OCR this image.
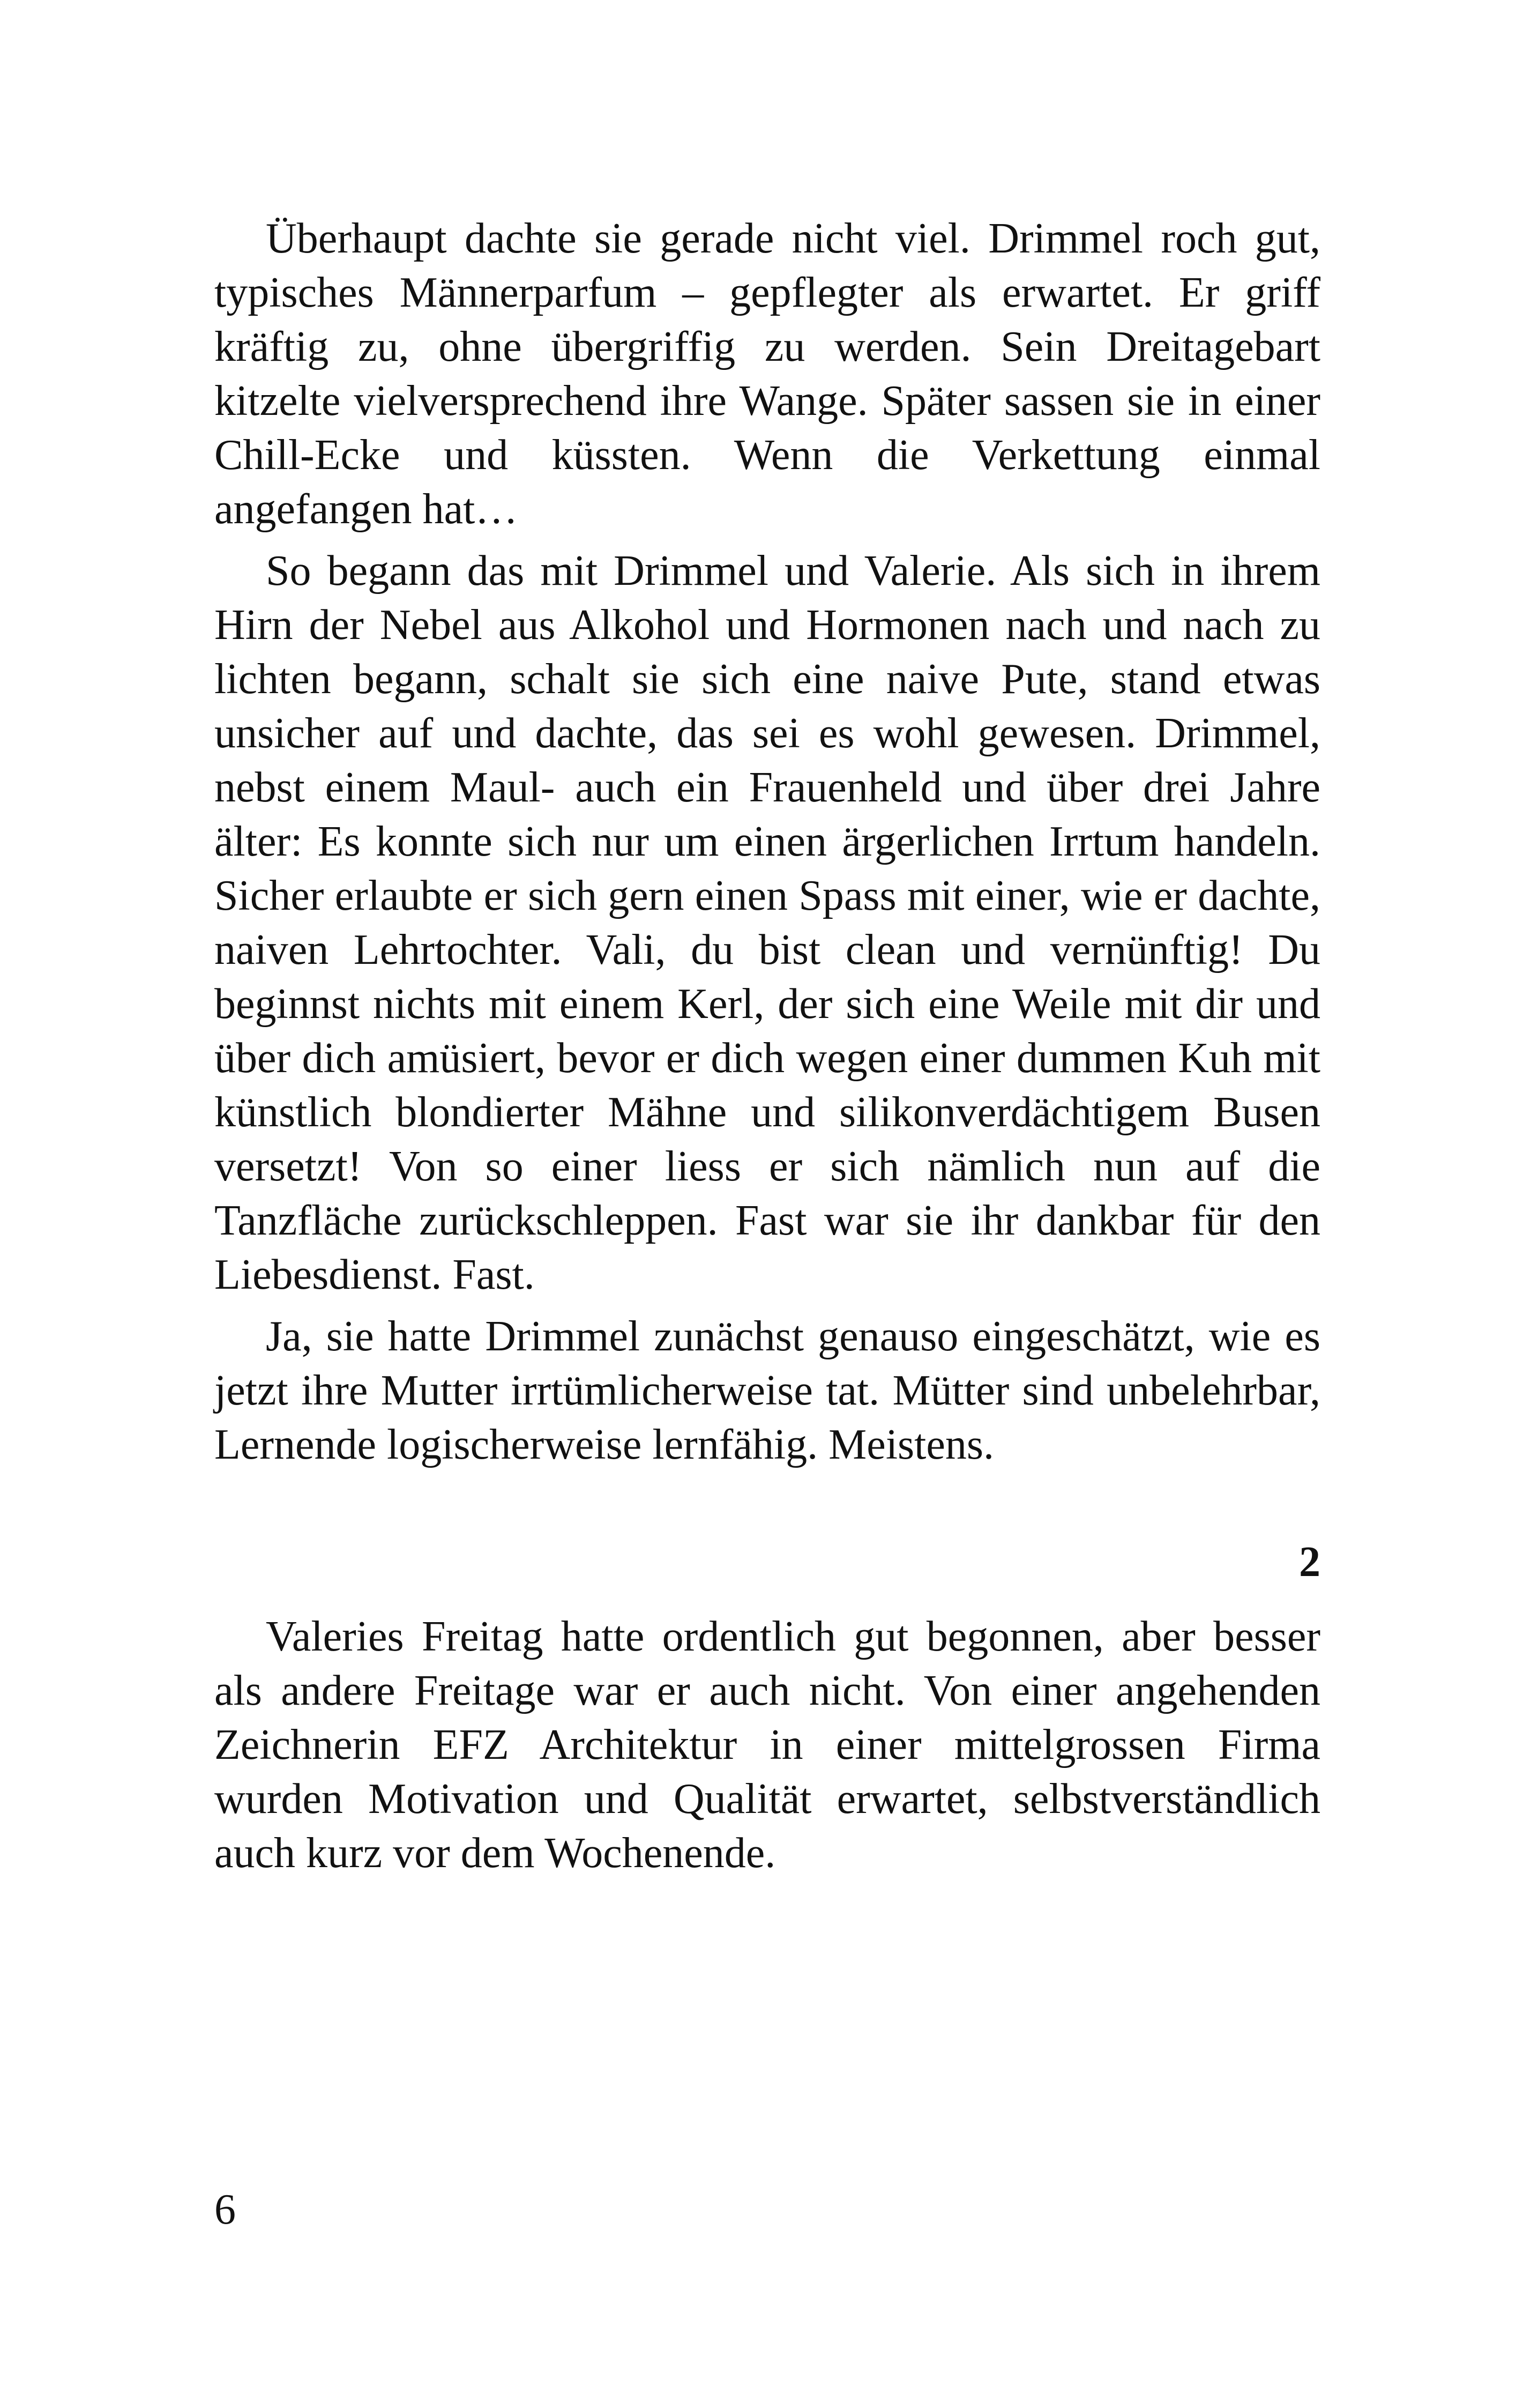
Überhaupt dachte sie gerade nicht viel. Drimmel roch gut, typisches Männerparfum – gepflegter als erwartet. Er griff kräftig zu, ohne übergriffig zu werden. Sein Dreitagebart kitzelte vielversprechend ihre Wange. Später sassen sie in einer Chill-Ecke und küssten. Wenn die Verkettung einmal angefangen hat…

So begann das mit Drimmel und Valerie. Als sich in ihrem Hirn der Nebel aus Alkohol und Hormonen nach und nach zu lichten begann, schalt sie sich eine naive Pute, stand etwas unsicher auf und dachte, das sei es wohl gewesen. Drimmel, nebst einem Maul- auch ein Frauenheld und über drei Jahre älter: Es konnte sich nur um einen ärgerlichen Irrtum handeln. Sicher erlaubte er sich gern einen Spass mit einer, wie er dachte, naiven Lehrtochter. Vali, du bist clean und vernünftig! Du beginnst nichts mit einem Kerl, der sich eine Weile mit dir und über dich amüsiert, bevor er dich wegen einer dummen Kuh mit künstlich blondierter Mähne und silikonverdächtigem Busen versetzt! Von so einer liess er sich nämlich nun auf die Tanzfläche zurückschleppen. Fast war sie ihr dankbar für den Liebesdienst. Fast.

Ja, sie hatte Drimmel zunächst genauso eingeschätzt, wie es jetzt ihre Mutter irrtümlicherweise tat. Mütter sind unbelehrbar, Lernende logischerweise lernfähig. Meistens.

2

Valeries Freitag hatte ordentlich gut begonnen, aber besser als andere Freitage war er auch nicht. Von einer angehenden Zeichnerin EFZ Architektur in einer mittelgrossen Firma wurden Motivation und Qualität erwartet, selbstverständlich auch kurz vor dem Wochenende.

6
